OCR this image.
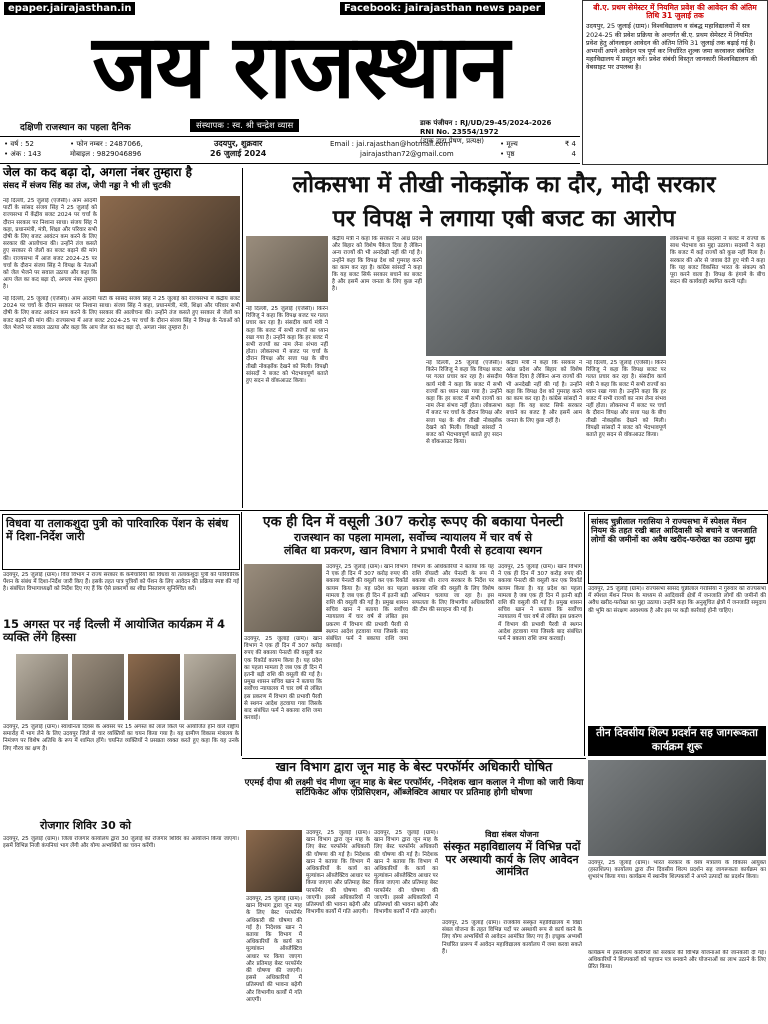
epaper.jairajasthan.in	Facebook: jairajasthan news paper
जय राजस्थान
दक्षिणी राजस्थान का पहला दैनिक	संस्थापक : स्व. श्री चन्द्रेश व्यास	डाक पंजीयन : RJ/UD/29-45/2024-2026
RNI No. 23554/1972
(डाक द्वारा प्रेषण, प्रत्यक्ष)
बी.ए. प्रथम सेमेस्टर में नियमित प्रवेश की आवेदन की अंतिम तिथि 31 जुलाई तक
उदयपुर, 25 जुलाई (ग्राम)। विश्वविद्यालय व संबद्ध महाविद्यालयों में सत्र 2024-25 की प्रवेश प्रक्रिया के अन्तर्गत बी.ए. प्रथम सेमेस्टर में नियमित प्रवेश हेतु ऑनलाइन आवेदन की अंतिम तिथि 31 जुलाई तक बढ़ाई गई है। अभ्यर्थी अपने आवेदन पत्र पूर्ण कर निर्धारित शुल्क जमा करवाकर संबंधित महाविद्यालय में प्रस्तुत करें। प्रवेश संबंधी विस्तृत जानकारी विश्वविद्यालय की वेबसाइट पर उपलब्ध है।
• वर्ष : 52
• अंक : 143
• फोन नम्बर : 2487066,
मोबाइल : 9829046896
उदयपुर, शुक्रवार
26 जुलाई 2024
Email : jai.rajasthan@hotmail.com
jairajasthan72@gmail.com
• मूल्य	₹ 4
• पृष्ठ	4
जेल का कद बढ़ा दो, अगला नंबर तुम्हारा है
संसद में संजय सिंह का तंज, जेपी नड्डा ने भी ली चुटकी
नई दिल्ली, 25 जुलाई (एजेंसी)। आम आदमी पार्टी के सांसद संजय सिंह ने 25 जुलाई को राज्यसभा में केंद्रीय बजट 2024 पर चर्चा के दौरान सरकार पर निशाना साधा। संजय सिंह ने कहा, प्रधानमंत्री, मंत्री, शिक्षा और परिवार सभी दोषी के लिए बजट आवंटन कम करने के लिए सरकार की आलोचना की। उन्होंने तंज कसते हुए सरकार से जेलों का बजट बढ़ाने की मांग की। राज्यसभा में आज बजट 2024-25 पर चर्चा के दौरान संजय सिंह ने विपक्ष के नेताओं को जेल भेजने पर सवाल उठाया और कहा कि आप जेल का कद बढ़ा दो, अगला नंबर तुम्हारा है।
नई दिल्ली, 25 जुलाई (एजेंसी)। आम आदमी पार्टी के सांसद संजय सिंह ने 25 जुलाई को राज्यसभा में केंद्रीय बजट 2024 पर चर्चा के दौरान सरकार पर निशाना साधा। संजय सिंह ने कहा, प्रधानमंत्री, मंत्री, शिक्षा और परिवार सभी दोषी के लिए बजट आवंटन कम करने के लिए सरकार की आलोचना की। उन्होंने तंज कसते हुए सरकार से जेलों का बजट बढ़ाने की मांग की। राज्यसभा में आज बजट 2024-25 पर चर्चा के दौरान संजय सिंह ने विपक्ष के नेताओं को जेल भेजने पर सवाल उठाया और कहा कि आप जेल का कद बढ़ा दो, अगला नंबर तुम्हारा है।
लोकसभा में तीखी नोकझोंक का दौर, मोदी सरकार
पर विपक्ष ने लगाया एबी बजट का आरोप
नई दिल्ली, 25 जुलाई (एजेंसी)। किरेन रिजिजू ने कहा कि विपक्ष बजट पर गलत प्रचार कर रहा है। संसदीय कार्य मंत्री ने कहा कि बजट में सभी राज्यों का ध्यान रखा गया है। उन्होंने कहा कि हर बजट में सभी राज्यों का नाम लेना संभव नहीं होता। लोकसभा में बजट पर चर्चा के दौरान विपक्ष और सत्ता पक्ष के बीच तीखी नोकझोंक देखने को मिली। विपक्षी सांसदों ने बजट को भेदभावपूर्ण बताते हुए सदन से वॉकआउट किया।
केंद्रीय मंत्री ने कहा कि सरकार ने आंध्र प्रदेश और बिहार को विशेष पैकेज दिया है लेकिन अन्य राज्यों की भी अनदेखी नहीं की गई है। उन्होंने कहा कि विपक्ष देश को गुमराह करने का काम कर रहा है। कांग्रेस सांसदों ने कहा कि यह बजट सिर्फ सरकार बचाने का बजट है और इसमें आम जनता के लिए कुछ नहीं है।
नई दिल्ली, 25 जुलाई (एजेंसी)। किरेन रिजिजू ने कहा कि विपक्ष बजट पर गलत प्रचार कर रहा है। संसदीय कार्य मंत्री ने कहा कि बजट में सभी राज्यों का ध्यान रखा गया है। उन्होंने कहा कि हर बजट में सभी राज्यों का नाम लेना संभव नहीं होता। लोकसभा में बजट पर चर्चा के दौरान विपक्ष और सत्ता पक्ष के बीच तीखी नोकझोंक देखने को मिली। विपक्षी सांसदों ने बजट को भेदभावपूर्ण बताते हुए सदन से वॉकआउट किया।
केंद्रीय मंत्री ने कहा कि सरकार ने आंध्र प्रदेश और बिहार को विशेष पैकेज दिया है लेकिन अन्य राज्यों की भी अनदेखी नहीं की गई है। उन्होंने कहा कि विपक्ष देश को गुमराह करने का काम कर रहा है। कांग्रेस सांसदों ने कहा कि यह बजट सिर्फ सरकार बचाने का बजट है और इसमें आम जनता के लिए कुछ नहीं है।
नई दिल्ली, 25 जुलाई (एजेंसी)। किरेन रिजिजू ने कहा कि विपक्ष बजट पर गलत प्रचार कर रहा है। संसदीय कार्य मंत्री ने कहा कि बजट में सभी राज्यों का ध्यान रखा गया है। उन्होंने कहा कि हर बजट में सभी राज्यों का नाम लेना संभव नहीं होता। लोकसभा में बजट पर चर्चा के दौरान विपक्ष और सत्ता पक्ष के बीच तीखी नोकझोंक देखने को मिली। विपक्षी सांसदों ने बजट को भेदभावपूर्ण बताते हुए सदन से वॉकआउट किया।
लोकसभा में कुछ सदस्यों ने बजट में राज्यों के साथ भेदभाव का मुद्दा उठाया। सदस्यों ने कहा कि बजट में कई राज्यों को कुछ नहीं मिला है। सरकार की ओर से जवाब देते हुए मंत्री ने कहा कि यह बजट विकसित भारत के संकल्प को पूरा करने वाला है। विपक्ष के हंगामे के बीच सदन की कार्यवाही स्थगित करनी पड़ी।
विधवा या तलाकशुदा पुत्री को पारिवारिक पेंशन के संबंध में दिशा-निर्देश जारी
उदयपुर, 25 जुलाई (ग्राम)। वित्त विभाग ने राज्य सरकार के कर्मचारियों की विधवा या तलाकशुदा पुत्री को पारिवारिक पेंशन के संबंध में दिशा-निर्देश जारी किए हैं। इसके तहत पात्र पुत्रियों को पेंशन के लिए आवेदन की प्रक्रिया स्पष्ट की गई है। संबंधित विभागाध्यक्षों को निर्देश दिए गए हैं कि ऐसे प्रकरणों का शीघ्र निस्तारण सुनिश्चित करें।
15 अगस्त पर नई दिल्ली में आयोजित कार्यक्रम में 4 व्यक्ति लेंगे हिस्सा
उदयपुर, 25 जुलाई (ग्राम)। स्वाधीनता दिवस के अवसर पर 15 अगस्त को लाल किले पर आयोजित होने वाले राष्ट्रीय समारोह में भाग लेने के लिए उदयपुर जिले से चार व्यक्तियों का चयन किया गया है। यह ग्रामीण विकास मंत्रालय के निमंत्रण पर विशेष अतिथि के रूप में शामिल होंगे। चयनित व्यक्तियों ने प्रसन्नता व्यक्त करते हुए कहा कि यह उनके लिए गौरव का क्षण है।
रोजगार शिविर 30 को
उदयपुर, 25 जुलाई (ग्राम)। जिला रोजगार कार्यालय द्वारा 30 जुलाई को रोजगार शिविर का आयोजन किया जाएगा। इसमें विभिन्न निजी कंपनियां भाग लेंगी और योग्य अभ्यर्थियों का चयन करेंगी।
एक ही दिन में वसूली 307 करोड़ रूपए की बकाया पेनल्टी
राजस्थान का पहला मामला, सर्वोच्च न्यायालय में चार वर्ष से
लंबित था प्रकरण, खान विभाग ने प्रभावी पैरवी से हटवाया स्थगन
उदयपुर, 25 जुलाई (ग्राम)। खान विभाग ने एक ही दिन में 307 करोड़ रुपए की बकाया पेनल्टी की वसूली कर एक रिकॉर्ड कायम किया है। यह प्रदेश का पहला मामला है जब एक ही दिन में इतनी बड़ी राशि की वसूली की गई है। प्रमुख शासन सचिव खान ने बताया कि सर्वोच्च न्यायालय में चार वर्ष से लंबित इस प्रकरण में विभाग की प्रभावी पैरवी से स्थगन आदेश हटवाया गया जिसके बाद संबंधित फर्म ने बकाया राशि जमा करवाई।
उदयपुर, 25 जुलाई (ग्राम)। खान विभाग ने एक ही दिन में 307 करोड़ रुपए की बकाया पेनल्टी की वसूली कर एक रिकॉर्ड कायम किया है। यह प्रदेश का पहला मामला है जब एक ही दिन में इतनी बड़ी राशि की वसूली की गई है। प्रमुख शासन सचिव खान ने बताया कि सर्वोच्च न्यायालय में चार वर्ष से लंबित इस प्रकरण में विभाग की प्रभावी पैरवी से स्थगन आदेश हटवाया गया जिसके बाद संबंधित फर्म ने बकाया राशि जमा करवाई।
विभाग के अधिकारियों ने बताया कि यह राशि रॉयल्टी और पेनल्टी के रूप में बकाया थी। राज्य सरकार के निर्देश पर बकाया राशि की वसूली के लिए विशेष अभियान चलाया जा रहा है। इस सफलता के लिए विभागीय अधिकारियों की टीम की सराहना की गई है।
उदयपुर, 25 जुलाई (ग्राम)। खान विभाग ने एक ही दिन में 307 करोड़ रुपए की बकाया पेनल्टी की वसूली कर एक रिकॉर्ड कायम किया है। यह प्रदेश का पहला मामला है जब एक ही दिन में इतनी बड़ी राशि की वसूली की गई है। प्रमुख शासन सचिव खान ने बताया कि सर्वोच्च न्यायालय में चार वर्ष से लंबित इस प्रकरण में विभाग की प्रभावी पैरवी से स्थगन आदेश हटवाया गया जिसके बाद संबंधित फर्म ने बकाया राशि जमा करवाई।
सांसद चुन्नीलाल गरासिया ने राज्यसभा में स्पेशल मेंशन नियम के तहत रखी बात आदिवासी को बचाने व जनजाति लोगों की जमीनों का अवैध खरीद-फरोख्त का उठाया मुद्दा
उदयपुर, 25 जुलाई (ग्राम)। राज्यसभा सांसद चुन्नीलाल गरासिया ने गुरुवार को राज्यसभा में स्पेशल मेंशन नियम के माध्यम से आदिवासी क्षेत्रों में जनजाति लोगों की जमीनों की अवैध खरीद-फरोख्त का मुद्दा उठाया। उन्होंने कहा कि अनुसूचित क्षेत्रों में जनजाति समुदाय की भूमि का संरक्षण आवश्यक है और इस पर कड़ी कार्रवाई होनी चाहिए।
तीन दिवसीय शिल्प प्रदर्शन सह जागरूकता कार्यक्रम शुरू
उदयपुर, 25 जुलाई (ग्राम)। भारत सरकार के वस्त्र मंत्रालय के विकास आयुक्त (हस्तशिल्प) कार्यालय द्वारा तीन दिवसीय शिल्प प्रदर्शन सह जागरूकता कार्यक्रम का शुभारंभ किया गया। कार्यक्रम में स्थानीय शिल्पकारों ने अपने उत्पादों का प्रदर्शन किया।
कार्यक्रम में हस्तशिल्प कारीगरों को सरकार की विभिन्न योजनाओं की जानकारी दी गई। अधिकारियों ने शिल्पकारों को पहचान पत्र बनवाने और योजनाओं का लाभ उठाने के लिए प्रेरित किया।
खान विभाग द्वारा जून माह के बेस्ट परफॉर्मर अधिकारी घोषित
एएमई दीपा श्री लक्ष्मी चंद मीणा जून माह के बेस्ट परफॉर्मर, -निदेशक खान कलाल ने मीणा को जारी किया सर्टिफिकेट ऑफ एप्रिसिएशन, ऑब्जेक्टिव आधार पर प्रतिमाह होगी घोषणा
उदयपुर, 25 जुलाई (ग्राम)। खान विभाग द्वारा जून माह के लिए बेस्ट परफॉर्मर अधिकारी की घोषणा की गई है। निदेशक खान ने बताया कि विभाग में अधिकारियों के कार्य का मूल्यांकन ऑब्जेक्टिव आधार पर किया जाएगा और प्रतिमाह बेस्ट परफॉर्मर की घोषणा की जाएगी। इससे अधिकारियों में प्रतिस्पर्धा की भावना बढ़ेगी और विभागीय कार्यों में गति आएगी।
उदयपुर, 25 जुलाई (ग्राम)। खान विभाग द्वारा जून माह के लिए बेस्ट परफॉर्मर अधिकारी की घोषणा की गई है। निदेशक खान ने बताया कि विभाग में अधिकारियों के कार्य का मूल्यांकन ऑब्जेक्टिव आधार पर किया जाएगा और प्रतिमाह बेस्ट परफॉर्मर की घोषणा की जाएगी। इससे अधिकारियों में प्रतिस्पर्धा की भावना बढ़ेगी और विभागीय कार्यों में गति आएगी।
उदयपुर, 25 जुलाई (ग्राम)। खान विभाग द्वारा जून माह के लिए बेस्ट परफॉर्मर अधिकारी की घोषणा की गई है। निदेशक खान ने बताया कि विभाग में अधिकारियों के कार्य का मूल्यांकन ऑब्जेक्टिव आधार पर किया जाएगा और प्रतिमाह बेस्ट परफॉर्मर की घोषणा की जाएगी। इससे अधिकारियों में प्रतिस्पर्धा की भावना बढ़ेगी और विभागीय कार्यों में गति आएगी।
विद्या संबल योजना
संस्कृत महाविद्यालय में विभिन्न पदों पर अस्थायी कार्य के लिए आवेदन आमंत्रित
उदयपुर, 25 जुलाई (ग्राम)। राजकीय संस्कृत महाविद्यालय में विद्या संबल योजना के तहत विभिन्न पदों पर अस्थायी रूप से कार्य करने के लिए योग्य अभ्यर्थियों से आवेदन आमंत्रित किए गए हैं। इच्छुक अभ्यर्थी निर्धारित प्रारूप में आवेदन महाविद्यालय कार्यालय में जमा करवा सकते हैं।
